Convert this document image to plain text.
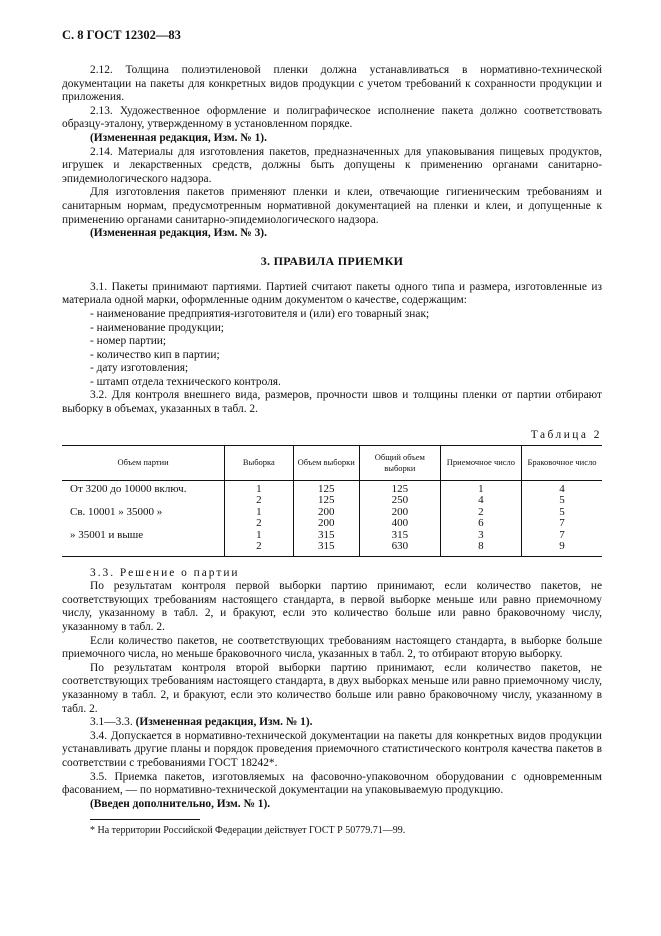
С. 8 ГОСТ 12302—83

2.12. Толщина полиэтиленовой пленки должна устанавливаться в нормативно-технической документации на пакеты для конкретных видов продукции с учетом требований к сохранности продукции и приложения.

2.13. Художественное оформление и полиграфическое исполнение пакета должно соответствовать образцу-эталону, утвержденному в установленном порядке.

(Измененная редакция, Изм. № 1).

2.14. Материалы для изготовления пакетов, предназначенных для упаковывания пищевых продуктов, игрушек и лекарственных средств, должны быть допущены к применению органами санитарно-эпидемиологического надзора.

Для изготовления пакетов применяют пленки и клеи, отвечающие гигиеническим требованиям и санитарным нормам, предусмотренным нормативной документацией на пленки и клеи, и допущенные к применению органами санитарно-эпидемиологического надзора.

(Измененная редакция, Изм. № 3).

3. ПРАВИЛА ПРИЕМКИ

3.1. Пакеты принимают партиями. Партией считают пакеты одного типа и размера, изготовленные из материала одной марки, оформленные одним документом о качестве, содержащим:

- наименование предприятия-изготовителя и (или) его товарный знак;

- наименование продукции;

- номер партии;

- количество кип в партии;

- дату изготовления;

- штамп отдела технического контроля.

3.2. Для контроля внешнего вида, размеров, прочности швов и толщины пленки от партии отбирают выборку в объемах, указанных в табл. 2.

Таблица 2
Объем партии	Выборка	Объем выборки	Общий объем выборки	Приемочное число	Браковочное число
От 3200 до 10000 включ.	1	125	125	1	4
	2	125	250	4	5
Св. 10001 » 35000 »	1	200	200	2	5
	2	200	400	6	7
» 35001 и выше	1	315	315	3	7
	2	315	630	8	9

3.3. Решение о партии

По результатам контроля первой выборки партию принимают, если количество пакетов, не соответствующих требованиям настоящего стандарта, в первой выборке меньше или равно приемочному числу, указанному в табл. 2, и бракуют, если это количество больше или равно браковочному числу, указанному в табл. 2.

Если количество пакетов, не соответствующих требованиям настоящего стандарта, в выборке больше приемочного числа, но меньше браковочного числа, указанных в табл. 2, то отбирают вторую выборку.

По результатам контроля второй выборки партию принимают, если количество пакетов, не соответствующих требованиям настоящего стандарта, в двух выборках меньше или равно приемочному числу, указанному в табл. 2, и бракуют, если это количество больше или равно браковочному числу, указанному в табл. 2.

3.1—3.3. (Измененная редакция, Изм. № 1).

3.4. Допускается в нормативно-технической документации на пакеты для конкретных видов продукции устанавливать другие планы и порядок проведения приемочного статистического контроля качества пакетов в соответствии с требованиями ГОСТ 18242*.

3.5. Приемка пакетов, изготовляемых на фасовочно-упаковочном оборудовании с одновременным фасованием, — по нормативно-технической документации на упаковываемую продукцию.

(Введен дополнительно, Изм. № 1).

* На территории Российской Федерации действует ГОСТ Р 50779.71—99.
